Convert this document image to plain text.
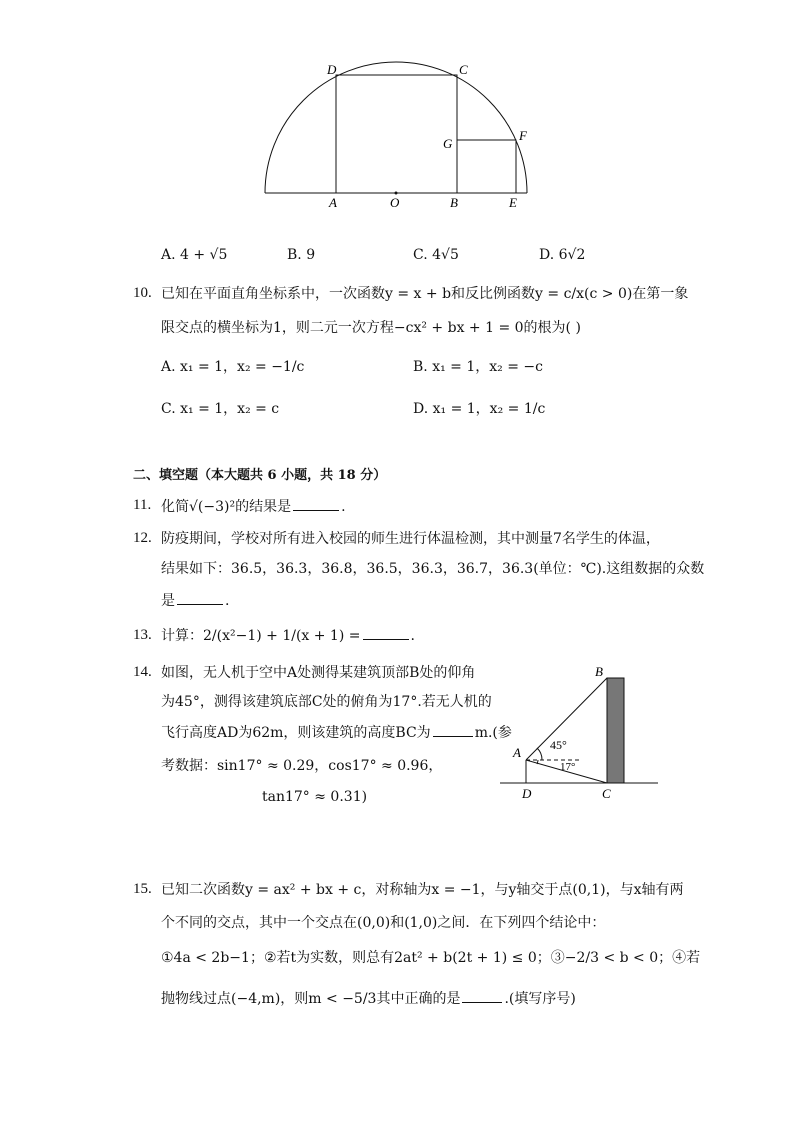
D	C
G
F
A	O	B	E
A. 4 + √5	B. 9	C. 4√5	D. 6√2
10. 已知在平面直角坐标系中，一次函数y = x + b和反比例函数y = c/x(c > 0)在第一象
限交点的横坐标为1，则二元一次方程−cx² + bx + 1 = 0的根为( )
A. x₁ = 1，x₂ = −1/c	B. x₁ = 1，x₂ = −c
C. x₁ = 1，x₂ = c	D. x₁ = 1，x₂ = 1/c
二、填空题（本大题共 6 小题，共 18 分）
11. 化简√(−3)²的结果是	.
12. 防疫期间，学校对所有进入校园的师生进行体温检测，其中测量7名学生的体温，
结果如下：36.5，36.3，36.8，36.5，36.3，36.7，36.3(单位：℃).这组数据的众数
是	.
13. 计算：2/(x²−1) + 1/(x + 1) =	.
14. 如图，无人机于空中A处测得某建筑顶部B处的仰角
为45°，测得该建筑底部C处的俯角为17°.若无人机的
飞行高度AD为62m，则该建筑的高度BC为	m.(参
考数据：sin17° ≈ 0.29，cos17° ≈ 0.96，
tan17° ≈ 0.31)
B
A
D	C
45°
17°
15. 已知二次函数y = ax² + bx + c，对称轴为x = −1，与y轴交于点(0,1)，与x轴有两
个不同的交点，其中一个交点在(0,0)和(1,0)之间．在下列四个结论中：
①4a < 2b−1；②若t为实数，则总有2at² + b(2t + 1) ≤ 0；③−2/3 < b < 0；④若
抛物线过点(−4,m)，则m < −5/3其中正确的是	.(填写序号)
